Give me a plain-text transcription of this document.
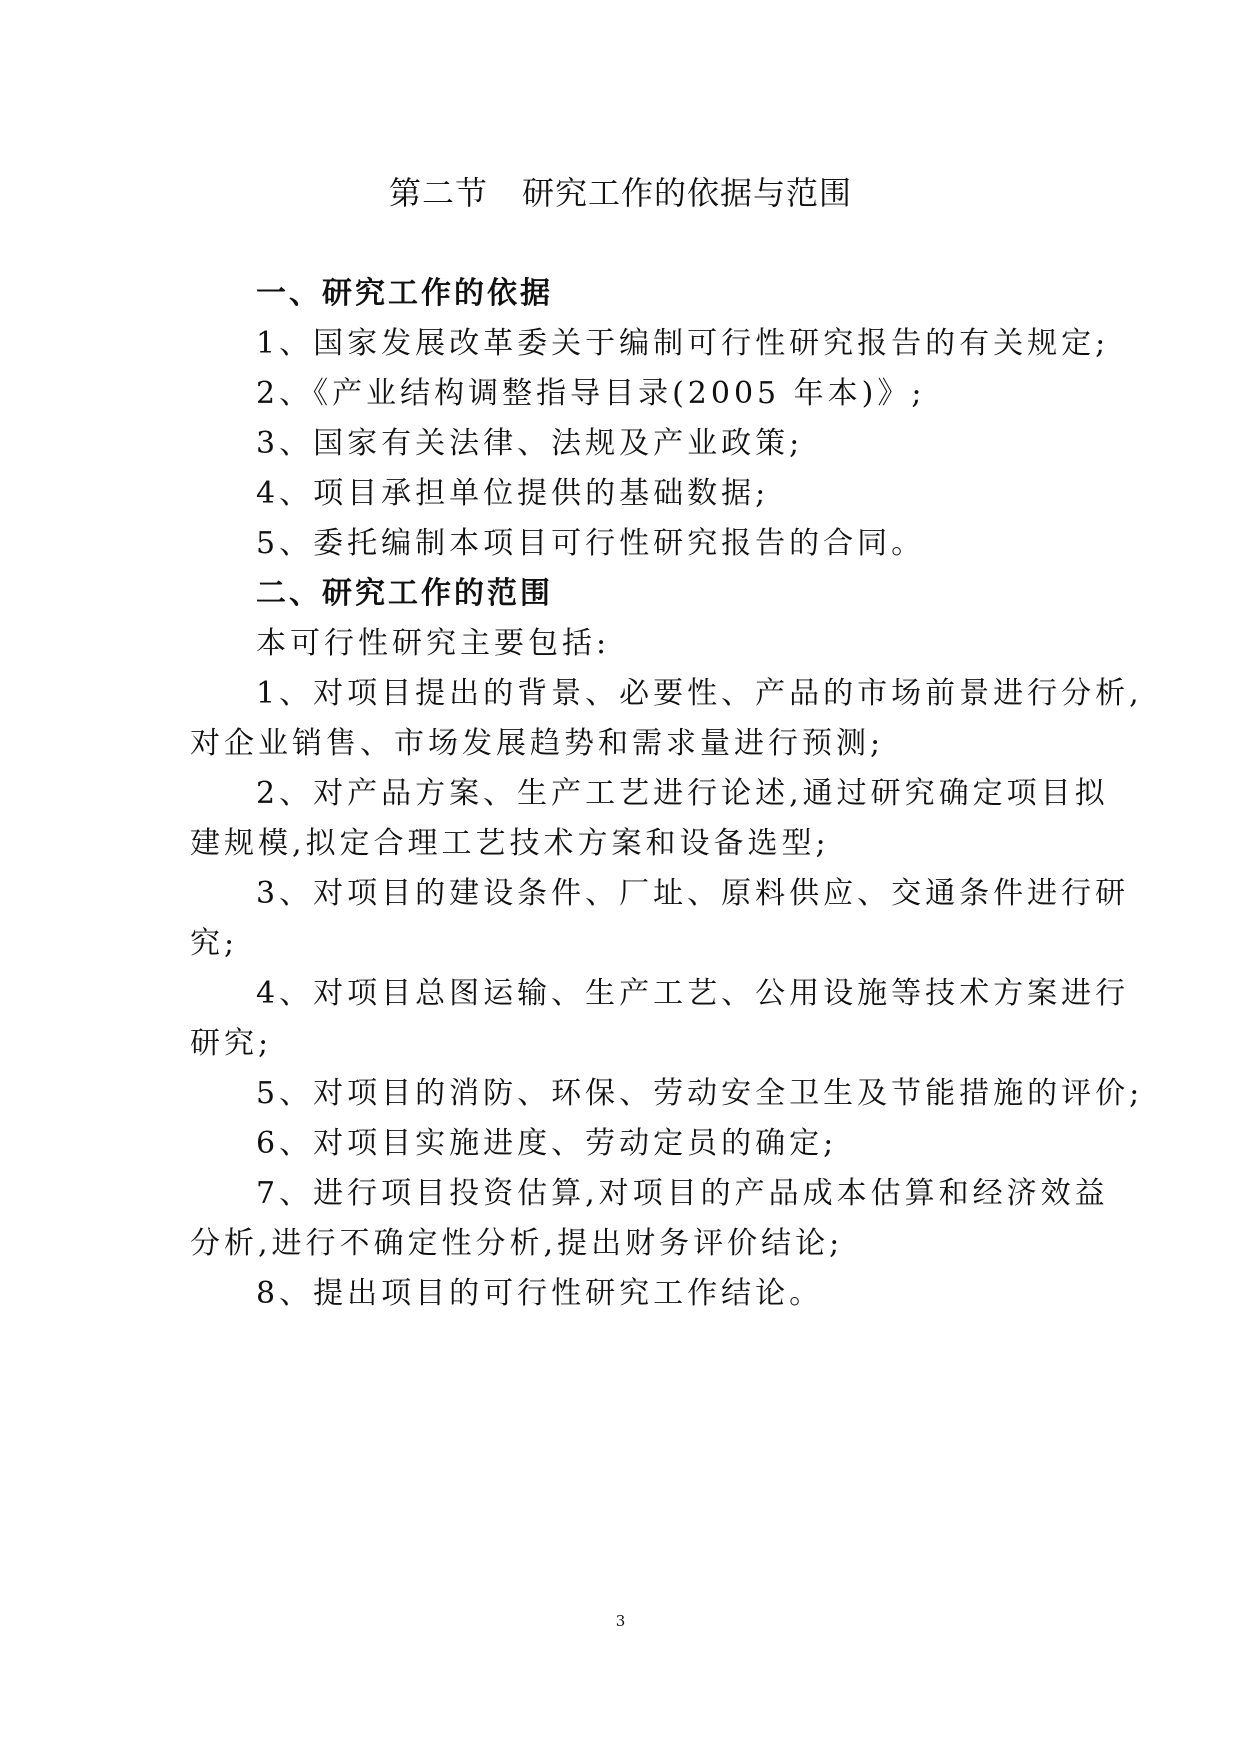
第二节 研究工作的依据与范围
一、研究工作的依据
1、国家发展改革委关于编制可行性研究报告的有关规定;
2、《产业结构调整指导目录(2005 年本)》;
3、国家有关法律、法规及产业政策;
4、项目承担单位提供的基础数据;
5、委托编制本项目可行性研究报告的合同。
二、研究工作的范围
本可行性研究主要包括:
1、对项目提出的背景、必要性、产品的市场前景进行分析,
对企业销售、市场发展趋势和需求量进行预测;
2、对产品方案、生产工艺进行论述,通过研究确定项目拟
建规模,拟定合理工艺技术方案和设备选型;
3、对项目的建设条件、厂址、原料供应、交通条件进行研
究;
4、对项目总图运输、生产工艺、公用设施等技术方案进行
研究;
5、对项目的消防、环保、劳动安全卫生及节能措施的评价;
6、对项目实施进度、劳动定员的确定;
7、进行项目投资估算,对项目的产品成本估算和经济效益
分析,进行不确定性分析,提出财务评价结论;
8、提出项目的可行性研究工作结论。
3
